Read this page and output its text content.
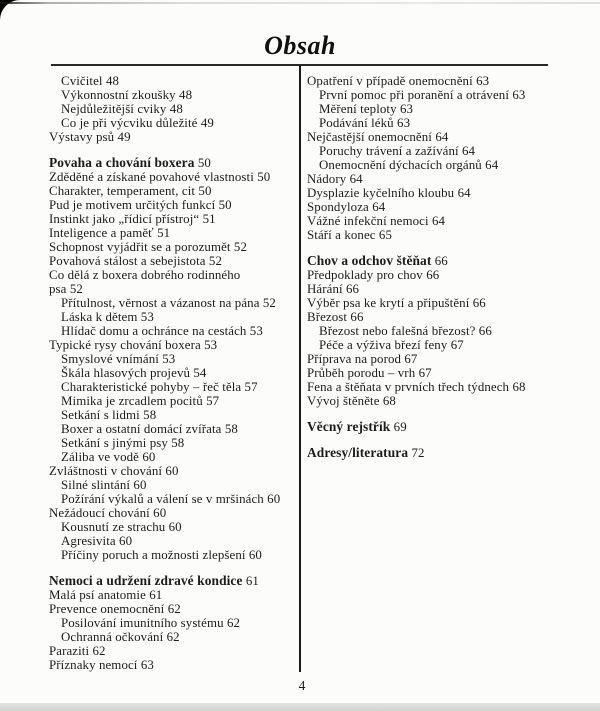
Obsah
Cvičitel 48
Výkonnostní zkoušky 48
Nejdůležitější cviky 48
Co je při výcviku důležité 49
Výstavy psů 49
Povaha a chování boxera 50
Zděděné a získané povahové vlastnosti 50
Charakter, temperament, cit 50
Pud je motivem určitých funkcí 50
Instinkt jako „řídicí přístroj“ 51
Inteligence a paměť 51
Schopnost vyjádřit se a porozumět 52
Povahová stálost a sebejistota 52
Co dělá z boxera dobrého rodinného
psa 52
Přítulnost, věrnost a vázanost na pána 52
Láska k dětem 53
Hlídač domu a ochránce na cestách 53
Typické rysy chování boxera 53
Smyslové vnímání 53
Škála hlasových projevů 54
Charakteristické pohyby – řeč těla 57
Mimika je zrcadlem pocitů 57
Setkání s lidmi 58
Boxer a ostatní domácí zvířata 58
Setkání s jinými psy 58
Záliba ve vodě 60
Zvláštnosti v chování 60
Silné slintání 60
Požírání výkalů a válení se v mršinách 60
Nežádoucí chování 60
Kousnutí ze strachu 60
Agresivita 60
Příčiny poruch a možnosti zlepšení 60
Nemoci a udržení zdravé kondice 61
Malá psí anatomie 61
Prevence onemocnění 62
Posilování imunitního systému 62
Ochranná očkování 62
Paraziti 62
Příznaky nemocí 63
Opatření v případě onemocnění 63
První pomoc při poranění a otrávení 63
Měření teploty 63
Podávání léků 63
Nejčastější onemocnění 64
Poruchy trávení a zažívání 64
Onemocnění dýchacích orgánů 64
Nádory 64
Dysplazie kyčelního kloubu 64
Spondyloza 64
Vážné infekční nemoci 64
Stáří a konec 65
Chov a odchov štěňat 66
Předpoklady pro chov 66
Hárání 66
Výběr psa ke krytí a připuštění 66
Březost 66
Březost nebo falešná březost? 66
Péče a výživa březí feny 67
Příprava na porod 67
Průběh porodu – vrh 67
Fena a štěňata v prvních třech týdnech 68
Vývoj štěněte 68
Věcný rejstřík 69
Adresy/literatura 72
4
